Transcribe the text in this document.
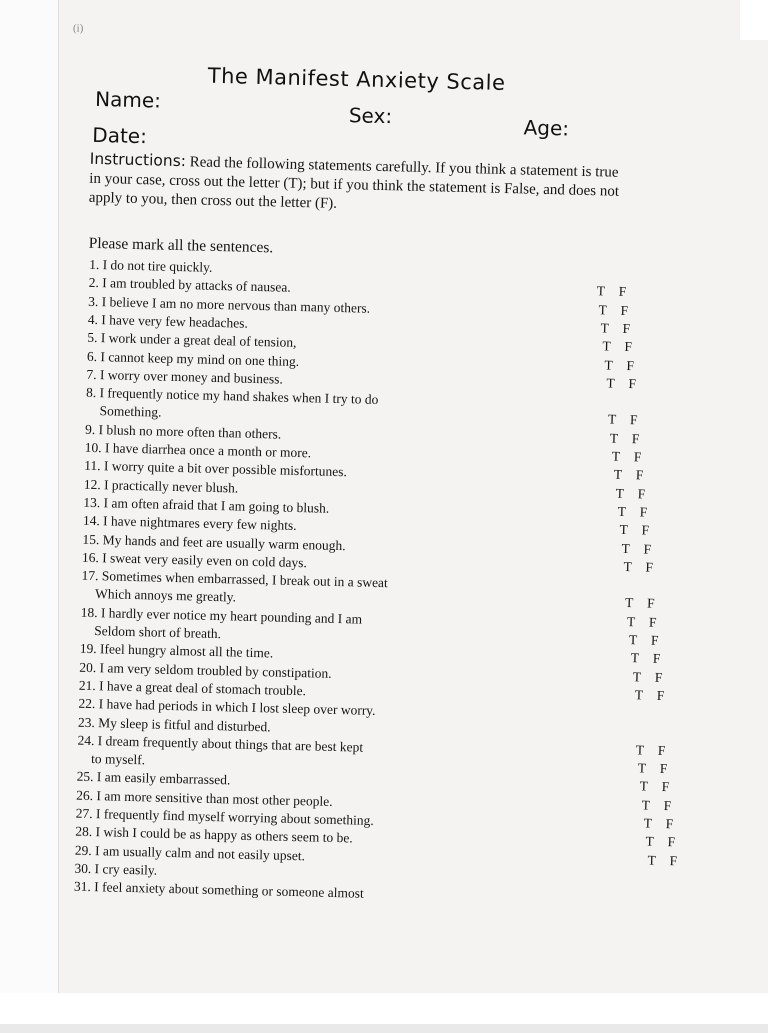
(i)
The Manifest Anxiety Scale
Name:
Sex:	Age:
Date:
Instructions: Read the following statements carefully. If you think a statement is true in your case, cross out the letter (T); but if you think the statement is False, and does not apply to you, then cross out the letter (F).
Please mark all the sentences.
1. I do not tire quickly.
2. I am troubled by attacks of nausea.
3. I believe I am no more nervous than many others.
4. I have very few headaches.
5. I work under a great deal of tension,
6. I cannot keep my mind on one thing.
7. I worry over money and business.
8. I frequently notice my hand shakes when I try to do
Something.
9. I blush no more often than others.
10. I have diarrhea once a month or more.
11. I worry quite a bit over possible misfortunes.
12. I practically never blush.
13. I am often afraid that I am going to blush.
14. I have nightmares every few nights.
15. My hands and feet are usually warm enough.
16. I sweat very easily even on cold days.
17. Sometimes when embarrassed, I break out in a sweat
Which annoys me greatly.
18. I hardly ever notice my heart pounding and I am
Seldom short of breath.
19. Ifeel hungry almost all the time.
20. I am very seldom troubled by constipation.
21. I have a great deal of stomach trouble.
22. I have had periods in which I lost sleep over worry.
23. My sleep is fitful and disturbed.
24. I dream frequently about things that are best kept
to myself.
25. I am easily embarrassed.
26. I am more sensitive than most other people.
27. I frequently find myself worrying about something.
28. I wish I could be as happy as others seem to be.
29. I am usually calm and not easily upset.
30. I cry easily.
31. I feel anxiety about something or someone almost
T F
T F
T F
T F
T F
T F
T F
T F
T F
T F
T F
T F
T F
T F
T F
T F
T F
T F
T F
T F
T F
T F
T F
T F
T F
T F
T F
T F
